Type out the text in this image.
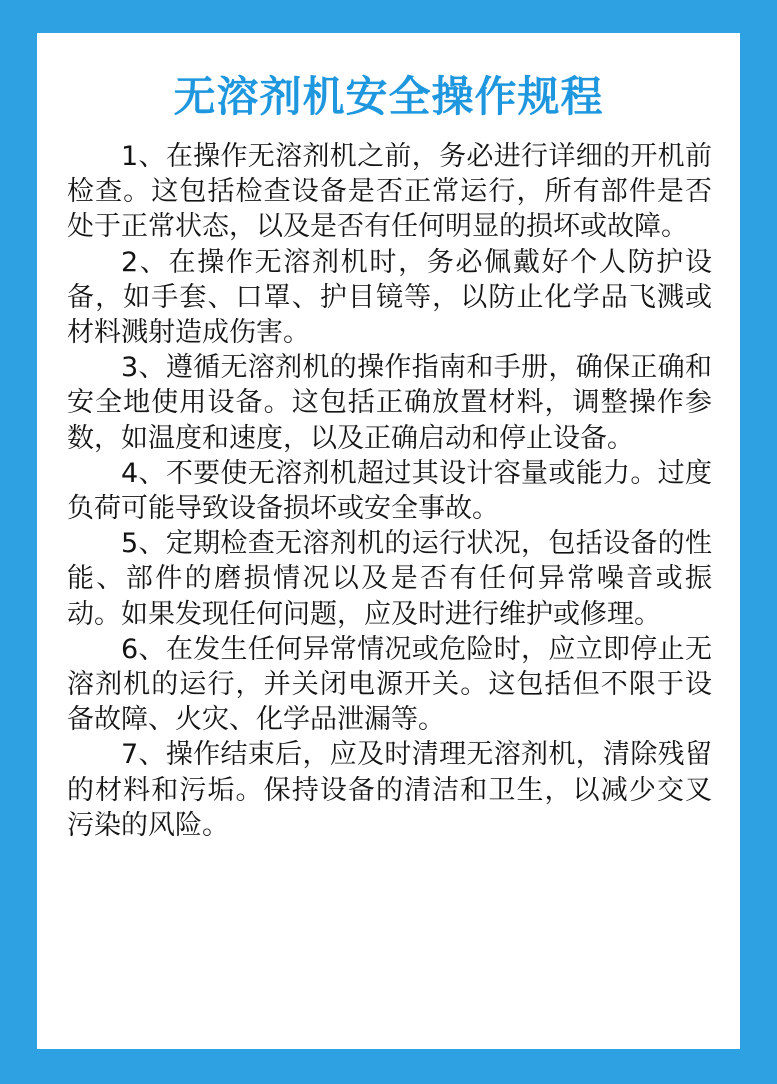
无溶剂机安全操作规程

1、在操作无溶剂机之前，务必进行详细的开机前检查。这包括检查设备是否正常运行，所有部件是否处于正常状态，以及是否有任何明显的损坏或故障。

2、在操作无溶剂机时，务必佩戴好个人防护设备，如手套、口罩、护目镜等，以防止化学品飞溅或材料溅射造成伤害。

3、遵循无溶剂机的操作指南和手册，确保正确和安全地使用设备。这包括正确放置材料，调整操作参数，如温度和速度，以及正确启动和停止设备。

4、不要使无溶剂机超过其设计容量或能力。过度负荷可能导致设备损坏或安全事故。

5、定期检查无溶剂机的运行状况，包括设备的性能、部件的磨损情况以及是否有任何异常噪音或振动。如果发现任何问题，应及时进行维护或修理。

6、在发生任何异常情况或危险时，应立即停止无溶剂机的运行，并关闭电源开关。这包括但不限于设备故障、火灾、化学品泄漏等。

7、操作结束后，应及时清理无溶剂机，清除残留的材料和污垢。保持设备的清洁和卫生，以减少交叉污染的风险。
